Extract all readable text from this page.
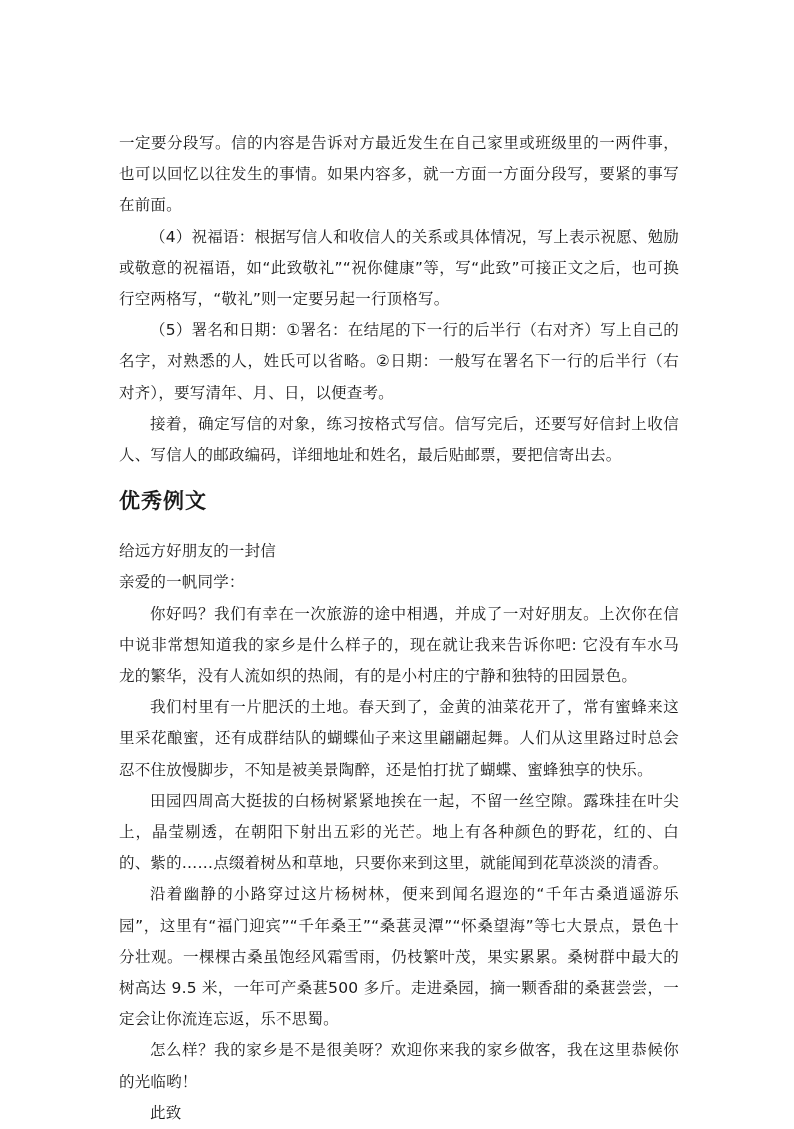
一定要分段写。信的内容是告诉对方最近发生在自己家里或班级里的一两件事，也可以回忆以往发生的事情。如果内容多，就一方面一方面分段写，要紧的事写在前面。

（4）祝福语：根据写信人和收信人的关系或具体情况，写上表示祝愿、勉励或敬意的祝福语，如“此致敬礼”“祝你健康”等，写“此致”可接正文之后，也可换行空两格写，“敬礼”则一定要另起一行顶格写。

（5）署名和日期：①署名：在结尾的下一行的后半行（右对齐）写上自己的名字，对熟悉的人，姓氏可以省略。②日期：一般写在署名下一行的后半行（右对齐），要写清年、月、日，以便查考。

接着，确定写信的对象，练习按格式写信。信写完后，还要写好信封上收信人、写信人的邮政编码，详细地址和姓名，最后贴邮票，要把信寄出去。

优秀例文

给远方好朋友的一封信

亲爱的一帆同学：

你好吗？我们有幸在一次旅游的途中相遇，并成了一对好朋友。上次你在信中说非常想知道我的家乡是什么样子的，现在就让我来告诉你吧: 它没有车水马龙的繁华，没有人流如织的热闹，有的是小村庄的宁静和独特的田园景色。

我们村里有一片肥沃的土地。春天到了，金黄的油菜花开了，常有蜜蜂来这里采花酿蜜，还有成群结队的蝴蝶仙子来这里翩翩起舞。人们从这里路过时总会忍不住放慢脚步，不知是被美景陶醉，还是怕打扰了蝴蝶、蜜蜂独享的快乐。

田园四周高大挺拔的白杨树紧紧地挨在一起，不留一丝空隙。露珠挂在叶尖上，晶莹剔透，在朝阳下射出五彩的光芒。地上有各种颜色的野花，红的、白的、紫的……点缀着树丛和草地，只要你来到这里，就能闻到花草淡淡的清香。

沿着幽静的小路穿过这片杨树林，便来到闻名遐迩的“千年古桑逍遥游乐园”，这里有“福门迎宾”“千年桑王”“桑葚灵潭”“怀桑望海”等七大景点，景色十分壮观。一棵棵古桑虽饱经风霜雪雨，仍枝繁叶茂，果实累累。桑树群中最大的树高达 9.5 米，一年可产桑葚500 多斤。走进桑园，摘一颗香甜的桑葚尝尝，一定会让你流连忘返，乐不思蜀。

怎么样？我的家乡是不是很美呀？欢迎你来我的家乡做客，我在这里恭候你的光临哟！

此致
